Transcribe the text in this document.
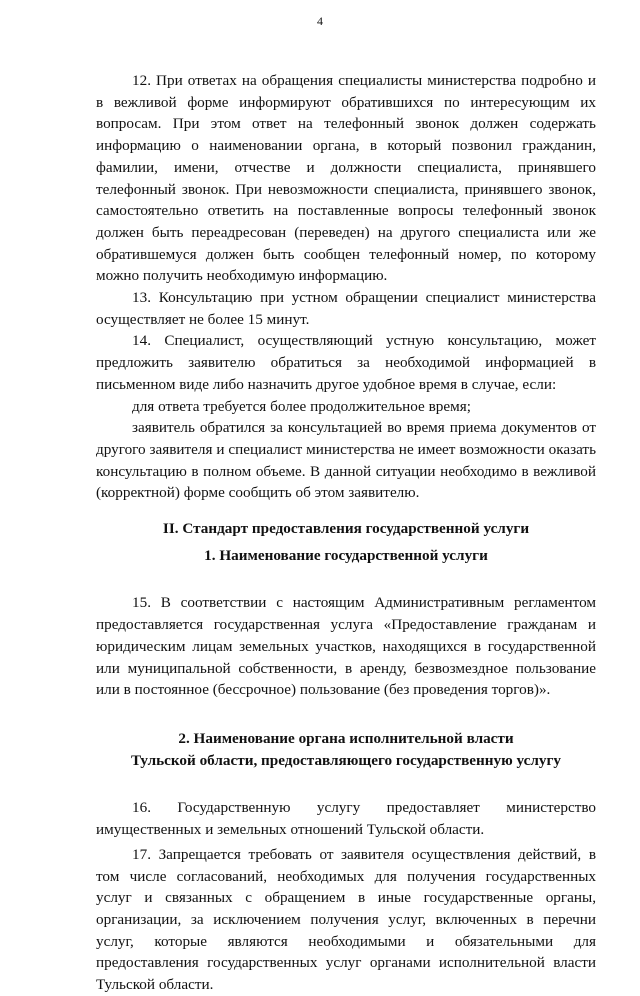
4

12. При ответах на обращения специалисты министерства подробно и в вежливой форме информируют обратившихся по интересующим их вопросам. При этом ответ на телефонный звонок должен содержать информацию о наименовании органа, в который позвонил гражданин, фамилии, имени, отчестве и должности специалиста, принявшего телефонный звонок. При невозможности специалиста, принявшего звонок, самостоятельно ответить на поставленные вопросы телефонный звонок должен быть переадресован (переведен) на другого специалиста или же обратившемуся должен быть сообщен телефонный номер, по которому можно получить необходимую информацию.

13. Консультацию при устном обращении специалист министерства осуществляет не более 15 минут.

14. Специалист, осуществляющий устную консультацию, может предложить заявителю обратиться за необходимой информацией в письменном виде либо назначить другое удобное время в случае, если:

для ответа требуется более продолжительное время;

заявитель обратился за консультацией во время приема документов от другого заявителя и специалист министерства не имеет возможности оказать консультацию в полном объеме. В данной ситуации необходимо в вежливой (корректной) форме сообщить об этом заявителю.

II. Стандарт предоставления государственной услуги
1. Наименование государственной услуги

15. В соответствии с настоящим Административным регламентом предоставляется государственная услуга «Предоставление гражданам и юридическим лицам земельных участков, находящихся в государственной или муниципальной собственности, в аренду, безвозмездное пользование или в постоянное (бессрочное) пользование (без проведения торгов)».

2. Наименование органа исполнительной власти
Тульской области, предоставляющего государственную услугу

16. Государственную услугу предоставляет министерство имущественных и земельных отношений Тульской области.

17. Запрещается требовать от заявителя осуществления действий, в том числе согласований, необходимых для получения государственных услуг и связанных с обращением в иные государственные органы, организации, за исключением получения услуг, включенных в перечни услуг, которые являются необходимыми и обязательными для предоставления государственных услуг органами исполнительной власти Тульской области.
